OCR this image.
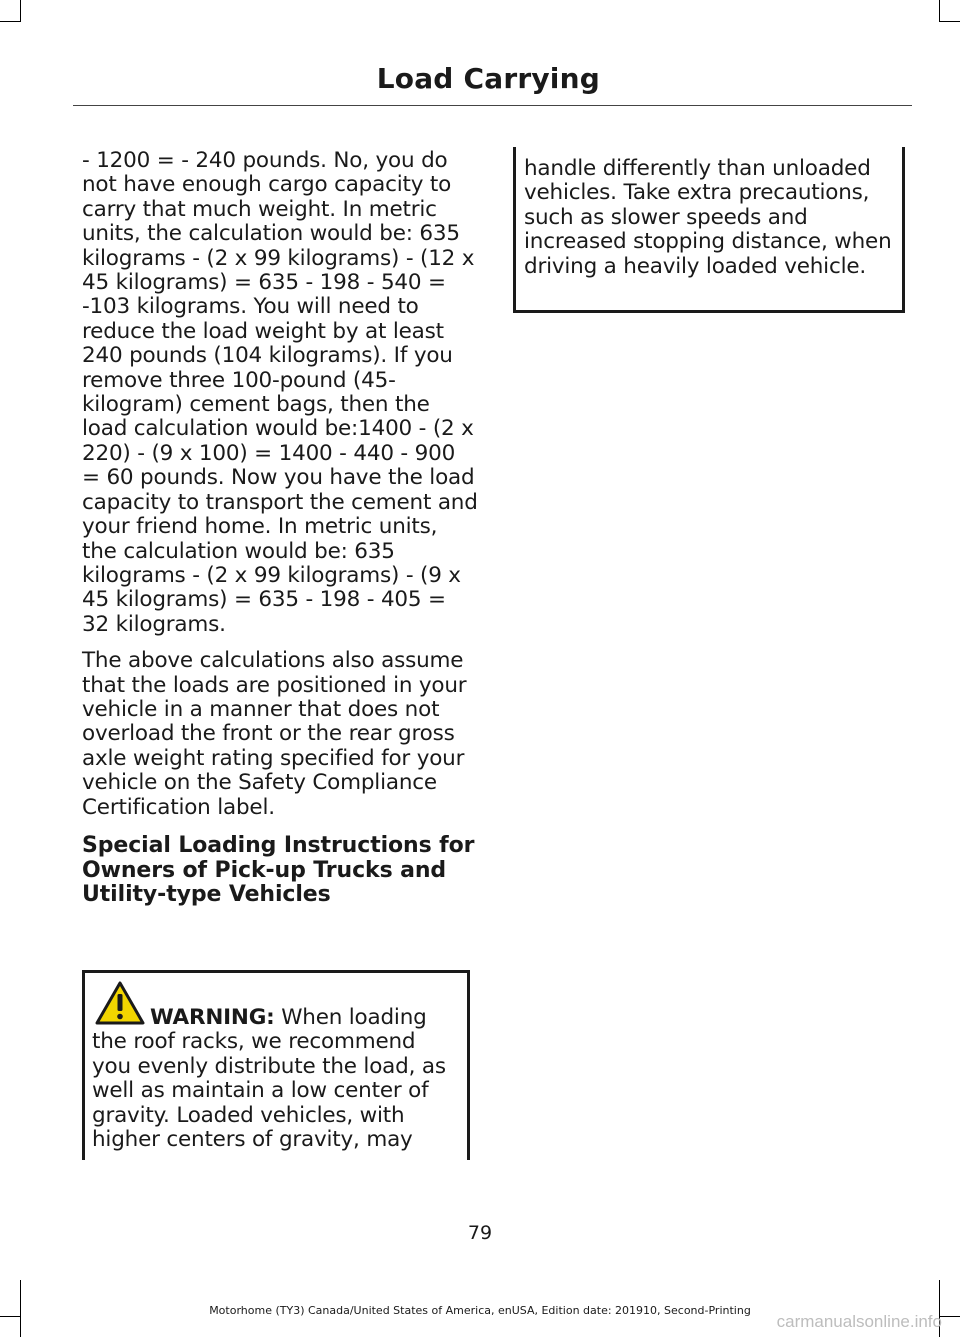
Load Carrying

- 1200 = - 240 pounds. No, you do not have enough cargo capacity to carry that much weight. In metric units, the calculation would be: 635 kilograms - (2 x 99 kilograms) - (12 x 45 kilograms) = 635 - 198 - 540 = -103 kilograms. You will need to reduce the load weight by at least 240 pounds (104 kilograms). If you remove three 100-pound (45-kilogram) cement bags, then the load calculation would be:1400 - (2 x 220) - (9 x 100) = 1400 - 440 - 900 = 60 pounds. Now you have the load capacity to transport the cement and your friend home. In metric units, the calculation would be: 635 kilograms - (2 x 99 kilograms) - (9 x 45 kilograms) = 635 - 198 - 405 = 32 kilograms.

The above calculations also assume that the loads are positioned in your vehicle in a manner that does not overload the front or the rear gross axle weight rating specified for your vehicle on the Safety Compliance Certification label.

Special Loading Instructions for Owners of Pick-up Trucks and Utility-type Vehicles

WARNING: When loading the roof racks, we recommend you evenly distribute the load, as well as maintain a low center of gravity. Loaded vehicles, with higher centers of gravity, may

handle differently than unloaded vehicles. Take extra precautions, such as slower speeds and increased stopping distance, when driving a heavily loaded vehicle.

79
Motorhome (TY3) Canada/United States of America, enUSA, Edition date: 201910, Second-Printing
carmanualsonline.info
